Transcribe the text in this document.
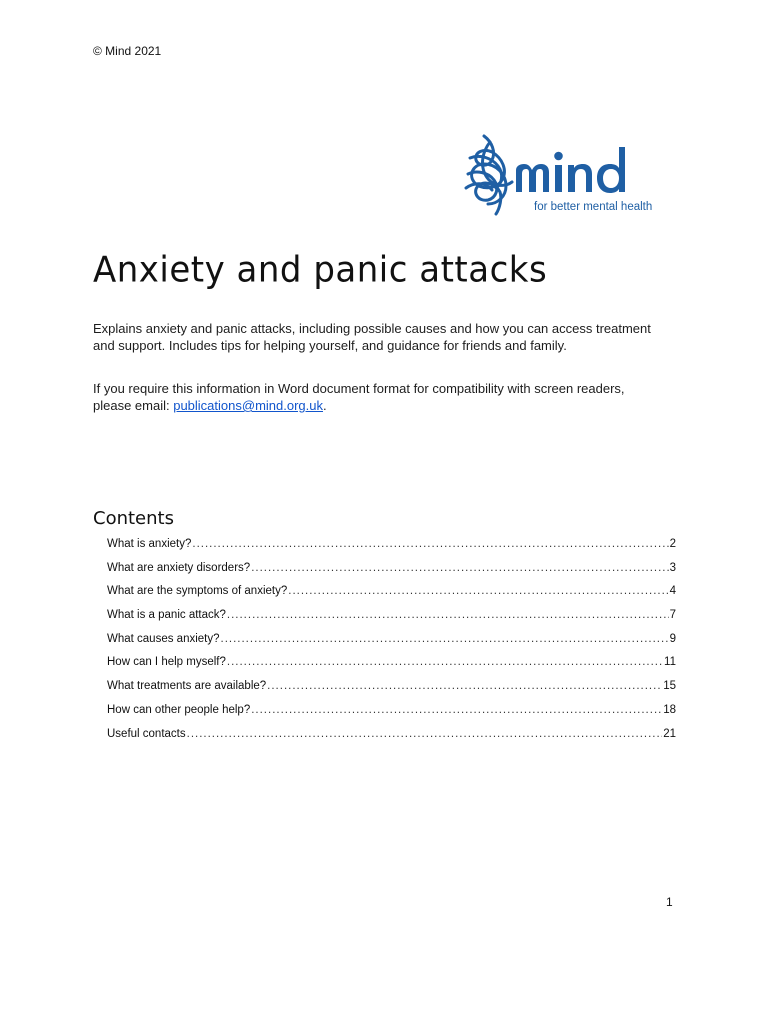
© Mind 2021
for better mental health
Anxiety and panic attacks

Explains anxiety and panic attacks, including possible causes and how you can access treatment and support. Includes tips for helping yourself, and guidance for friends and family.

If you require this information in Word document format for compatibility with screen readers, please email: publications@mind.org.uk.

Contents
What is anxiety? .....	2
What are anxiety disorders? .....	3
What are the symptoms of anxiety? .....	4
What is a panic attack? .....	7
What causes anxiety? .....	9
How can I help myself? .....	11
What treatments are available? .....	15
How can other people help? .....	18
Useful contacts .....	21
1
